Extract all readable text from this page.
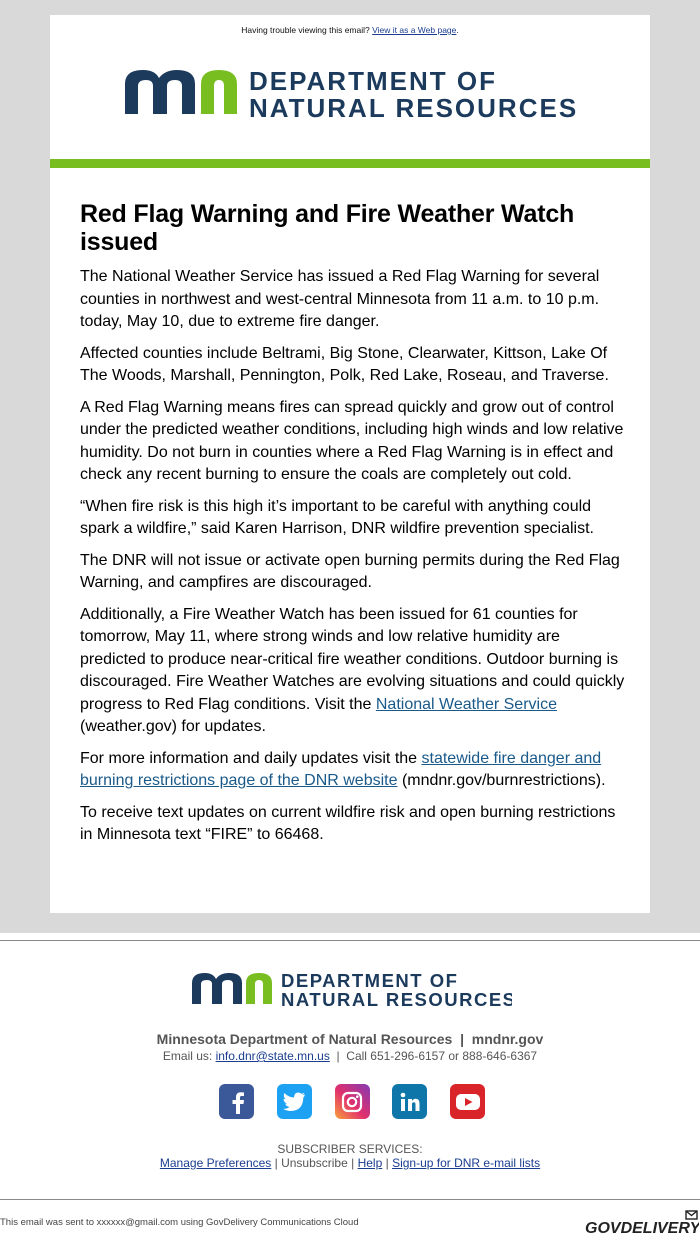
Having trouble viewing this email? View it as a Web page.
DEPARTMENT OF
NATURAL RESOURCES
Red Flag Warning and Fire Weather Watch issued

The National Weather Service has issued a Red Flag Warning for several counties in northwest and west-central Minnesota from 11 a.m. to 10 p.m. today, May 10, due to extreme fire danger.

Affected counties include Beltrami, Big Stone, Clearwater, Kittson, Lake Of The Woods, Marshall, Pennington, Polk, Red Lake, Roseau, and Traverse.

A Red Flag Warning means fires can spread quickly and grow out of control under the predicted weather conditions, including high winds and low relative humidity. Do not burn in counties where a Red Flag Warning is in effect and check any recent burning to ensure the coals are completely out cold.

“When fire risk is this high it’s important to be careful with anything could spark a wildfire,” said Karen Harrison, DNR wildfire prevention specialist.

The DNR will not issue or activate open burning permits during the Red Flag Warning, and campfires are discouraged.

Additionally, a Fire Weather Watch has been issued for 61 counties for tomorrow, May 11, where strong winds and low relative humidity are predicted to produce near-critical fire weather conditions. Outdoor burning is discouraged. Fire Weather Watches are evolving situations and could quickly progress to Red Flag conditions. Visit the National Weather Service (weather.gov) for updates.

For more information and daily updates visit the statewide fire danger and burning restrictions page of the DNR website (mndnr.gov/burnrestrictions).

To receive text updates on current wildfire risk and open burning restrictions in Minnesota text “FIRE” to 66468.

DEPARTMENT OF
NATURAL RESOURCES
Minnesota Department of Natural Resources  |  mndnr.gov
Email us: info.dnr@state.mn.us  |  Call 651-296-6157 or 888-646-6367
SUBSCRIBER SERVICES:
Manage Preferences | Unsubscribe | Help | Sign-up for DNR e-mail lists
This email was sent to xxxxxx@gmail.com using GovDelivery Communications Cloud	GOVDELIVERY
